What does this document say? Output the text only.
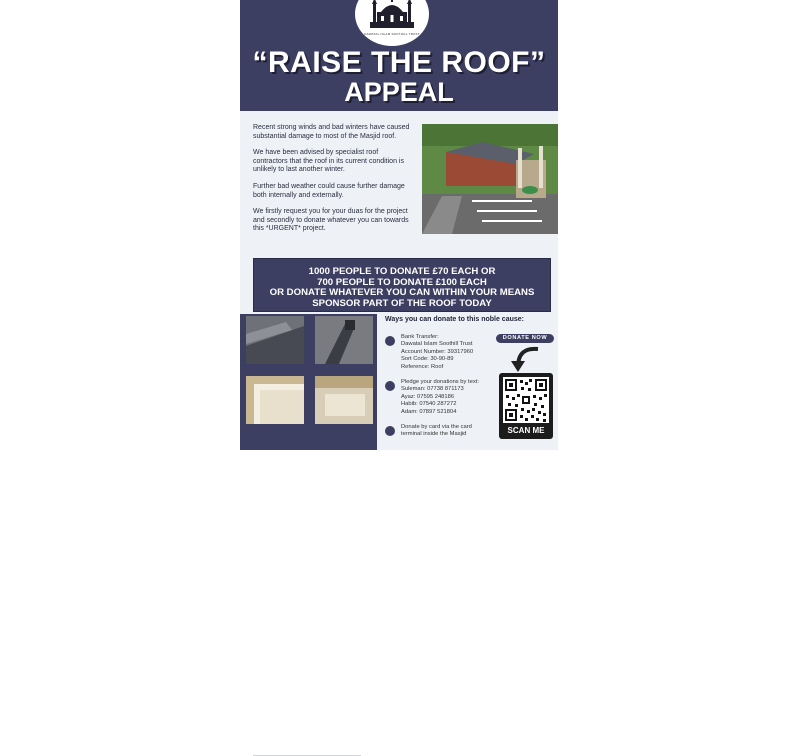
DAWATAL ISLAM SOOTHILL TRUST
“RAISE THE ROOF”
APPEAL

Recent strong winds and bad winters have caused substantial damage to most of the Masjid roof.

We have been advised by specialist roof contractors that the roof in its current condition is unlikely to last another winter.

Further bad weather could cause further damage both internally and externally.

We firstly request you for your duas for the project and secondly to donate whatever you can towards this *URGENT* project.

1000 PEOPLE TO DONATE £70 EACH OR
700 PEOPLE TO DONATE £100 EACH
OR DONATE WHATEVER YOU CAN WITHIN YOUR MEANS
SPONSOR PART OF THE ROOF TODAY
dawatalislambatley.org.uk
Ways you can donate to this noble cause:
Bank Transfer:
Dawatal Islam Soothill Trust
Account Number: 39317960
Sort Code: 30-90-89
Reference: Roof
Pledge your donations by text:
Suleman: 07738 871173
Ayaz: 07595 248186
Habib: 07540 287272
Adam: 07897 521804
Donate by card via the card
terminal inside the Masjid
DONATE NOW
SCAN ME
